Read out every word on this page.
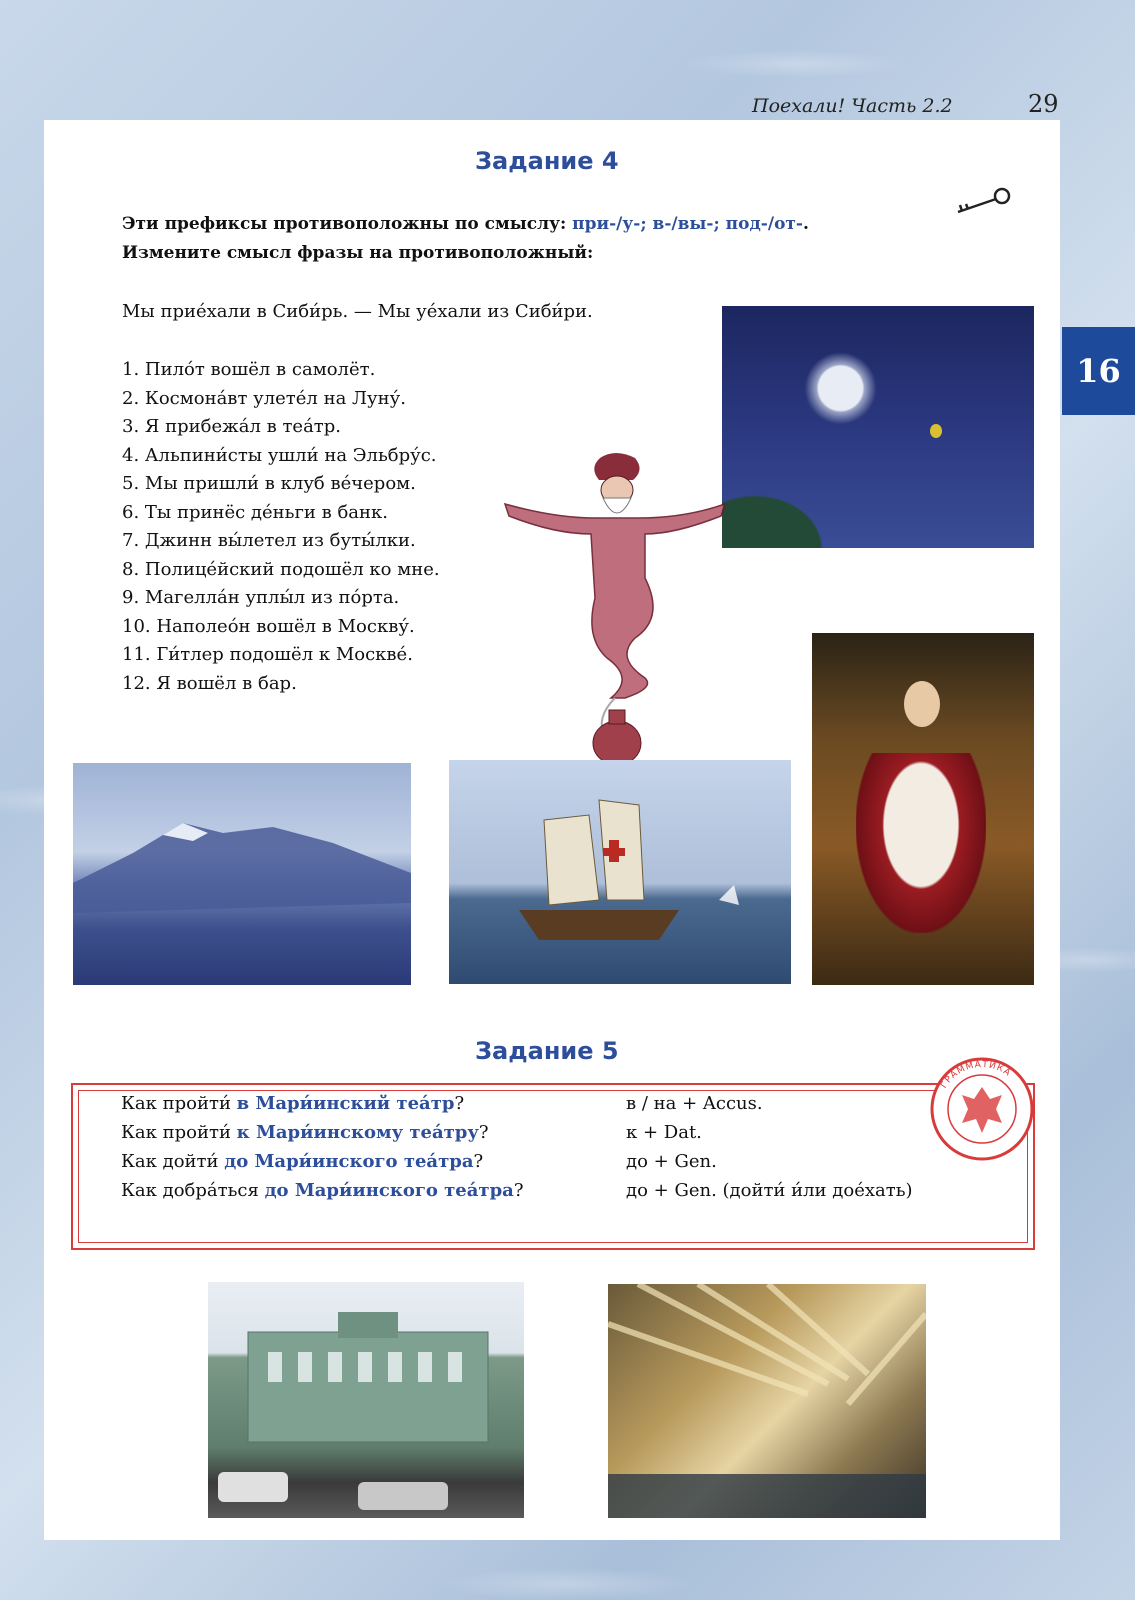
Поехали! Часть 2.2	29
16
Задание 4
Эти префиксы противоположны по смыслу: при-/у-; в-/вы-; под-/от-.
Измените смысл фразы на противоположный:
Мы прие́хали в Сиби́рь. — Мы уе́хали из Сиби́ри.
1. Пило́т вошёл в самолёт.
2. Космона́вт улете́л на Луну́.
3. Я прибежа́л в теа́тр.
4. Альпини́сты ушли́ на Эльбру́с.
5. Мы пришли́ в клуб ве́чером.
6. Ты принёс де́ньги в банк.
7. Джинн вы́летел из буты́лки.
8. Полице́йский подошёл ко мне.
9. Магелла́н уплы́л из по́рта.
10. Наполео́н вошёл в Москву́.
11. Ги́тлер подошёл к Москве́.
12. Я вошёл в бар.
Задание 5
Как пройти́ в Мари́инский теа́тр?	в / на + Accus.
Как пройти́ к Мари́инскому теа́тру?	к + Dat.
Как дойти́ до Мари́инского теа́тра?	до + Gen.
Как добра́ться до Мари́инского теа́тра?	до + Gen. (дойти́ и́ли дое́хать)
ГРАММАТИКА
